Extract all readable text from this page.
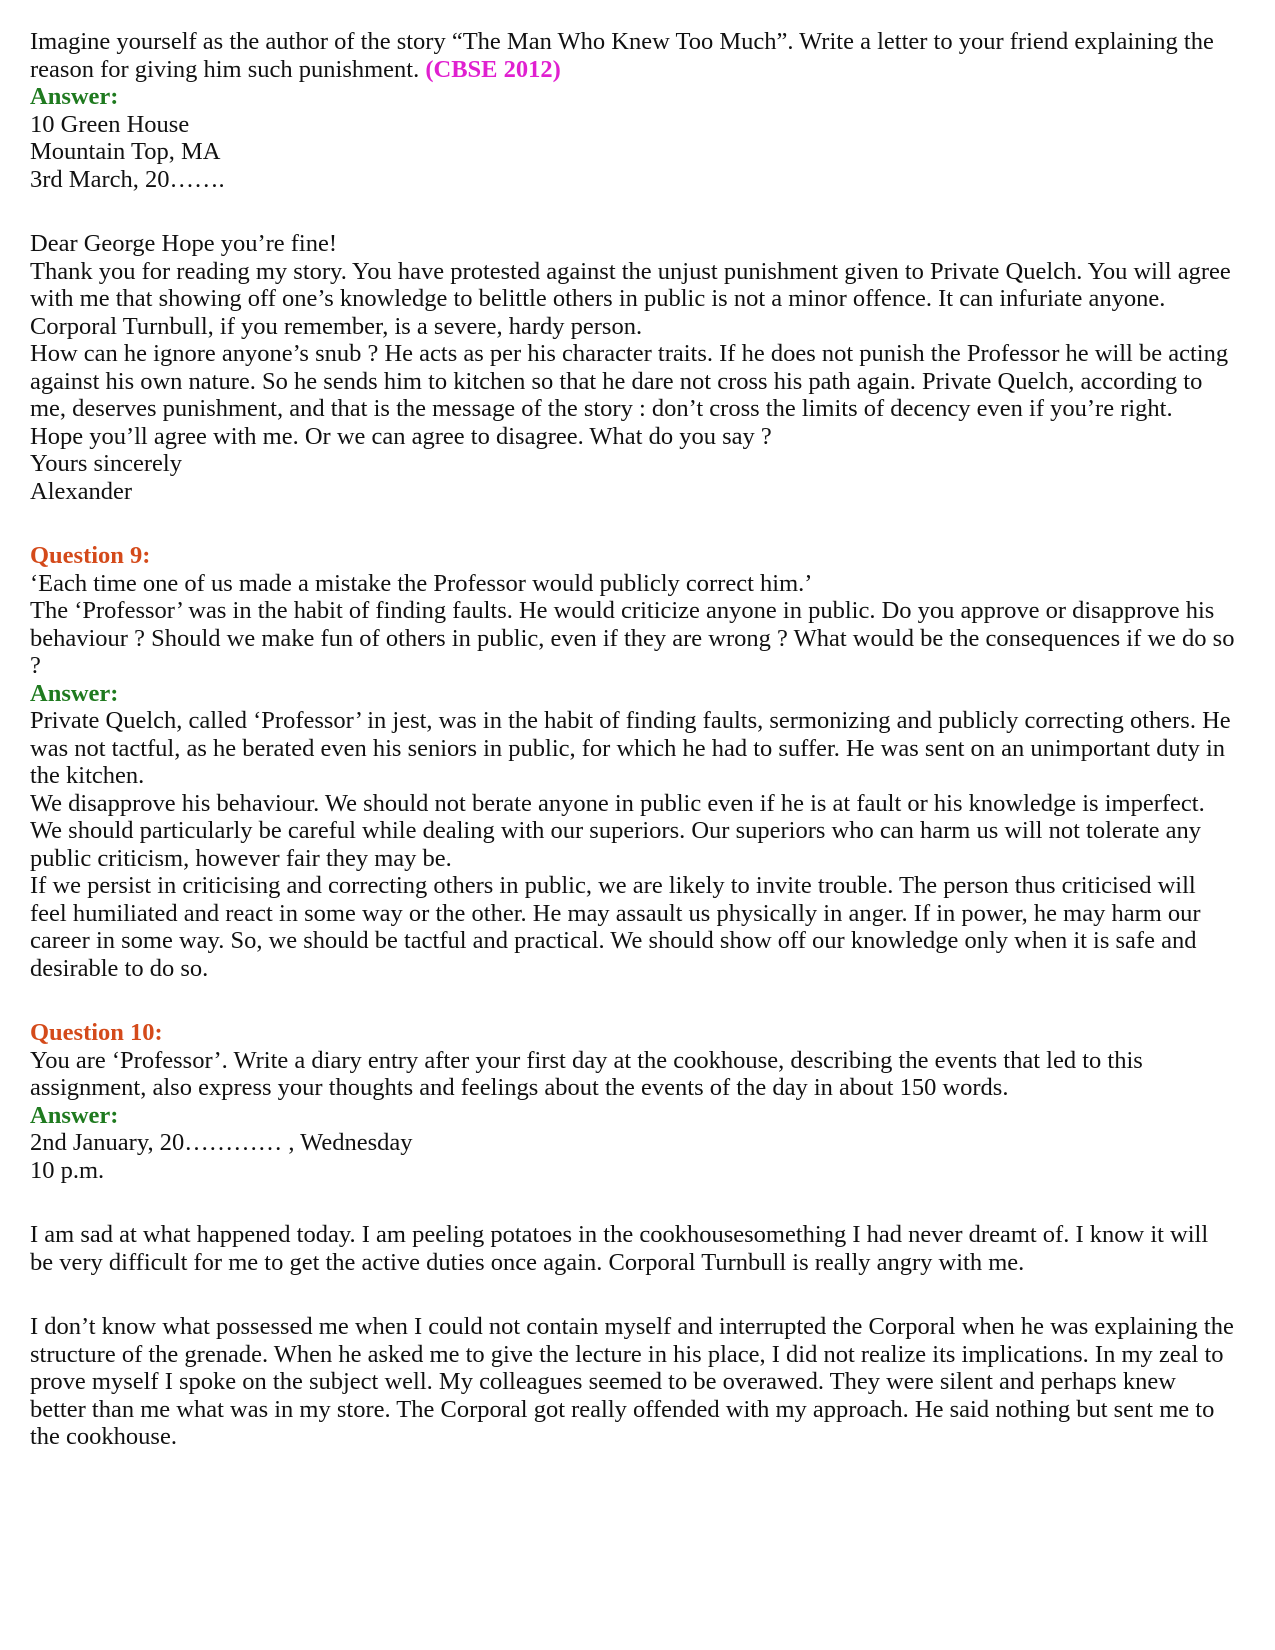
Imagine yourself as the author of the story “The Man Who Knew Too Much”. Write a letter to your friend explaining the reason for giving him such punishment. (CBSE 2012)

Answer:

10 Green House

Mountain Top, MA

3rd March, 20…….

Dear George Hope you’re fine!

Thank you for reading my story. You have protested against the unjust punishment given to Private Quelch. You will agree with me that showing off one’s knowledge to belittle others in public is not a minor offence. It can infuriate anyone. Corporal Turnbull, if you remember, is a severe, hardy person.

How can he ignore anyone’s snub ? He acts as per his character traits. If he does not punish the Professor he will be acting against his own nature. So he sends him to kitchen so that he dare not cross his path again. Private Quelch, according to me, deserves punishment, and that is the message of the story : don’t cross the limits of decency even if you’re right.

Hope you’ll agree with me. Or we can agree to disagree. What do you say ?

Yours sincerely

Alexander

Question 9:

‘Each time one of us made a mistake the Professor would publicly correct him.’

The ‘Professor’ was in the habit of finding faults. He would criticize anyone in public. Do you approve or disapprove his behaviour ? Should we make fun of others in public, even if they are wrong ? What would be the consequences if we do so ?

Answer:

Private Quelch, called ‘Professor’ in jest, was in the habit of finding faults, sermonizing and publicly correcting others. He was not tactful, as he berated even his seniors in public, for which he had to suffer. He was sent on an unimportant duty in the kitchen.

We disapprove his behaviour. We should not berate anyone in public even if he is at fault or his knowledge is imperfect. We should particularly be careful while dealing with our superiors. Our superiors who can harm us will not tolerate any public criticism, however fair they may be.

If we persist in criticising and correcting others in public, we are likely to invite trouble. The person thus criticised will feel humiliated and react in some way or the other. He may assault us physically in anger. If in power, he may harm our career in some way. So, we should be tactful and practical. We should show off our knowledge only when it is safe and desirable to do so.

Question 10:

You are ‘Professor’. Write a diary entry after your first day at the cookhouse, describing the events that led to this assignment, also express your thoughts and feelings about the events of the day in about 150 words.

Answer:

2nd January, 20………… , Wednesday

10 p.m.

I am sad at what happened today. I am peeling potatoes in the cookhousesomething I had never dreamt of. I know it will be very difficult for me to get the active duties once again. Corporal Turnbull is really angry with me.

I don’t know what possessed me when I could not contain myself and interrupted the Corporal when he was explaining the structure of the grenade. When he asked me to give the lecture in his place, I did not realize its implications. In my zeal to prove myself I spoke on the subject well. My colleagues seemed to be overawed. They were silent and perhaps knew better than me what was in my store. The Corporal got really offended with my approach. He said nothing but sent me to the cookhouse.
